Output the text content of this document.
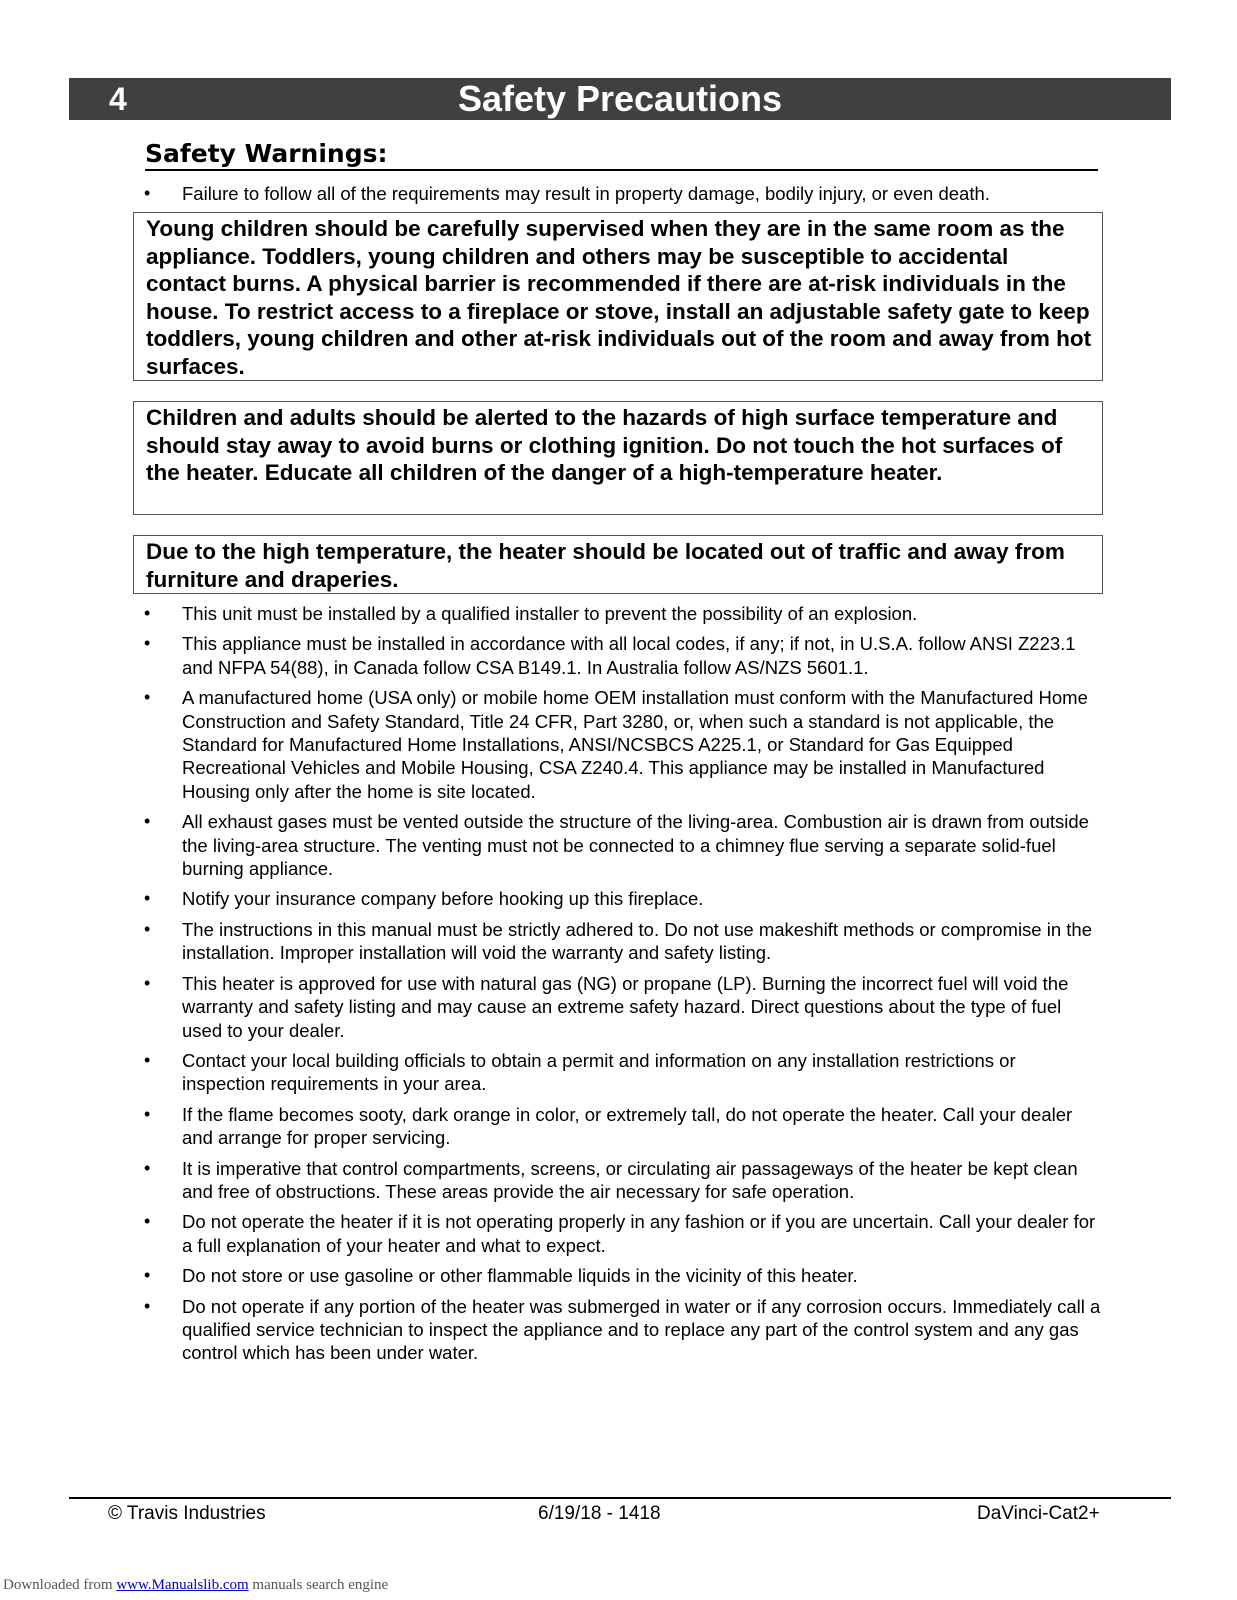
4	Safety Precautions
Safety Warnings:
• Failure to follow all of the requirements may result in property damage, bodily injury, or even death.
Young children should be carefully supervised when they are in the same room as the appliance. Toddlers, young children and others may be susceptible to accidental contact burns. A physical barrier is recommended if there are at-risk individuals in the house. To restrict access to a fireplace or stove, install an adjustable safety gate to keep toddlers, young children and other at-risk individuals out of the room and away from hot surfaces.
Children and adults should be alerted to the hazards of high surface temperature and should stay away to avoid burns or clothing ignition. Do not touch the hot surfaces of the heater. Educate all children of the danger of a high-temperature heater.
Due to the high temperature, the heater should be located out of traffic and away from furniture and draperies.
• This unit must be installed by a qualified installer to prevent the possibility of an explosion.
• This appliance must be installed in accordance with all local codes, if any; if not, in U.S.A. follow ANSI Z223.1 and NFPA 54(88), in Canada follow CSA B149.1. In Australia follow AS/NZS 5601.1.
• A manufactured home (USA only) or mobile home OEM installation must conform with the Manufactured Home Construction and Safety Standard, Title 24 CFR, Part 3280, or, when such a standard is not applicable, the Standard for Manufactured Home Installations, ANSI/NCSBCS A225.1, or Standard for Gas Equipped Recreational Vehicles and Mobile Housing, CSA Z240.4. This appliance may be installed in Manufactured Housing only after the home is site located.
• All exhaust gases must be vented outside the structure of the living-area. Combustion air is drawn from outside the living-area structure. The venting must not be connected to a chimney flue serving a separate solid-fuel burning appliance.
• Notify your insurance company before hooking up this fireplace.
• The instructions in this manual must be strictly adhered to. Do not use makeshift methods or compromise in the installation. Improper installation will void the warranty and safety listing.
• This heater is approved for use with natural gas (NG) or propane (LP). Burning the incorrect fuel will void the warranty and safety listing and may cause an extreme safety hazard. Direct questions about the type of fuel used to your dealer.
• Contact your local building officials to obtain a permit and information on any installation restrictions or inspection requirements in your area.
• If the flame becomes sooty, dark orange in color, or extremely tall, do not operate the heater. Call your dealer and arrange for proper servicing.
• It is imperative that control compartments, screens, or circulating air passageways of the heater be kept clean and free of obstructions. These areas provide the air necessary for safe operation.
• Do not operate the heater if it is not operating properly in any fashion or if you are uncertain. Call your dealer for a full explanation of your heater and what to expect.
• Do not store or use gasoline or other flammable liquids in the vicinity of this heater.
• Do not operate if any portion of the heater was submerged in water or if any corrosion occurs. Immediately call a qualified service technician to inspect the appliance and to replace any part of the control system and any gas control which has been under water.
© Travis Industries	6/19/18 - 1418	DaVinci-Cat2+
Downloaded from www.Manualslib.com manuals search engine
